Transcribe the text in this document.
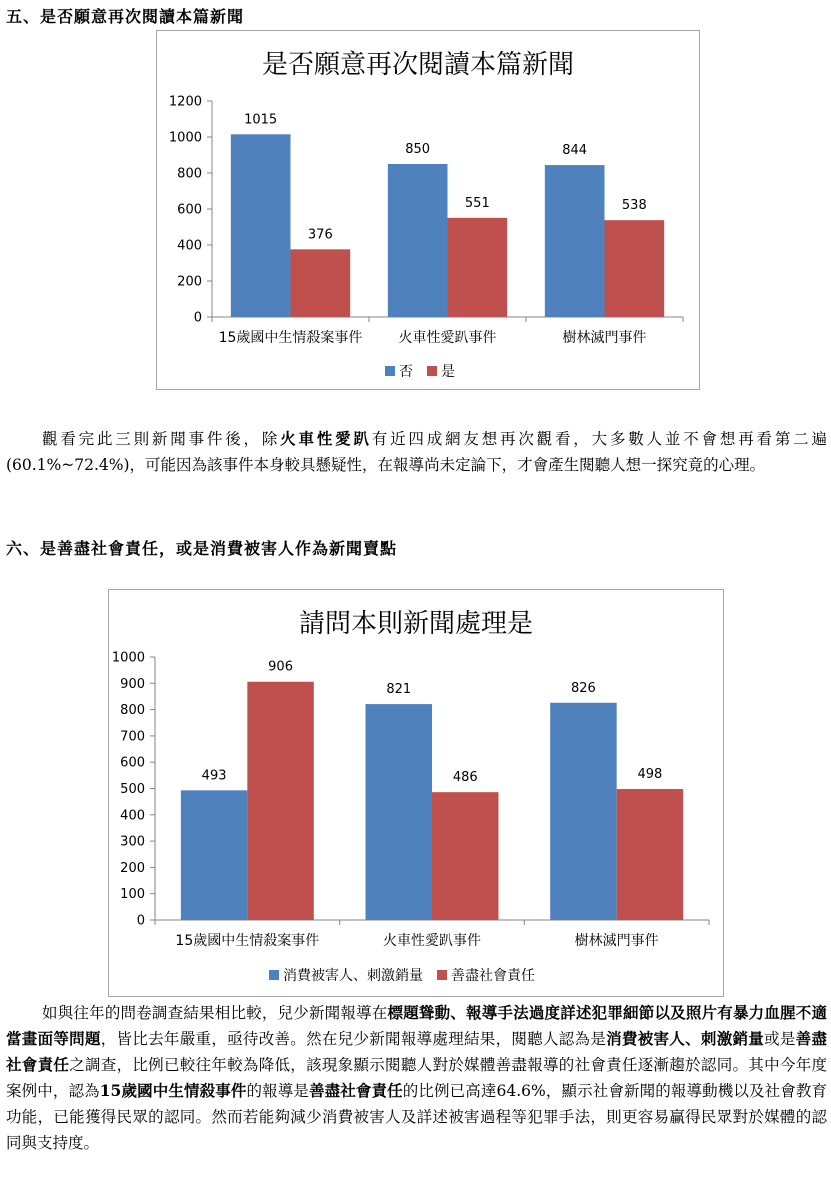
五、是否願意再次閱讀本篇新聞
是否願意再次閱讀本篇新聞
0
200
400
600
800
1000
1200
15歲國中生情殺案事件
1015
376
火車性愛趴事件
850
551
樹林滅門事件
844
538
否 是

觀看完此三則新聞事件後，除火車性愛趴有近四成網友想再次觀看，大多數人並不會想再看第二遍(60.1%~72.4%)，可能因為該事件本身較具懸疑性，在報導尚未定論下，才會產生閱聽人想一探究竟的心理。

六、是善盡社會責任，或是消費被害人作為新聞賣點
請問本則新聞處理是
0
100
200
300
400
500
600
700
800
900
1000
15歲國中生情殺案事件
493
906
火車性愛趴事件
821
486
樹林滅門事件
826
498
消費被害人、刺激銷量 善盡社會責任

如與往年的問卷調查結果相比較，兒少新聞報導在標題聳動、報導手法過度詳述犯罪細節以及照片有暴力血腥不適當畫面等問題，皆比去年嚴重，亟待改善。然在兒少新聞報導處理結果，閱聽人認為是消費被害人、刺激銷量或是善盡社會責任之調查，比例已較往年較為降低，該現象顯示閱聽人對於媒體善盡報導的社會責任逐漸趨於認同。其中今年度案例中，認為15歲國中生情殺事件的報導是善盡社會責任的比例已高達64.6%，顯示社會新聞的報導動機以及社會教育功能，已能獲得民眾的認同。然而若能夠減少消費被害人及詳述被害過程等犯罪手法，則更容易贏得民眾對於媒體的認同與支持度。
